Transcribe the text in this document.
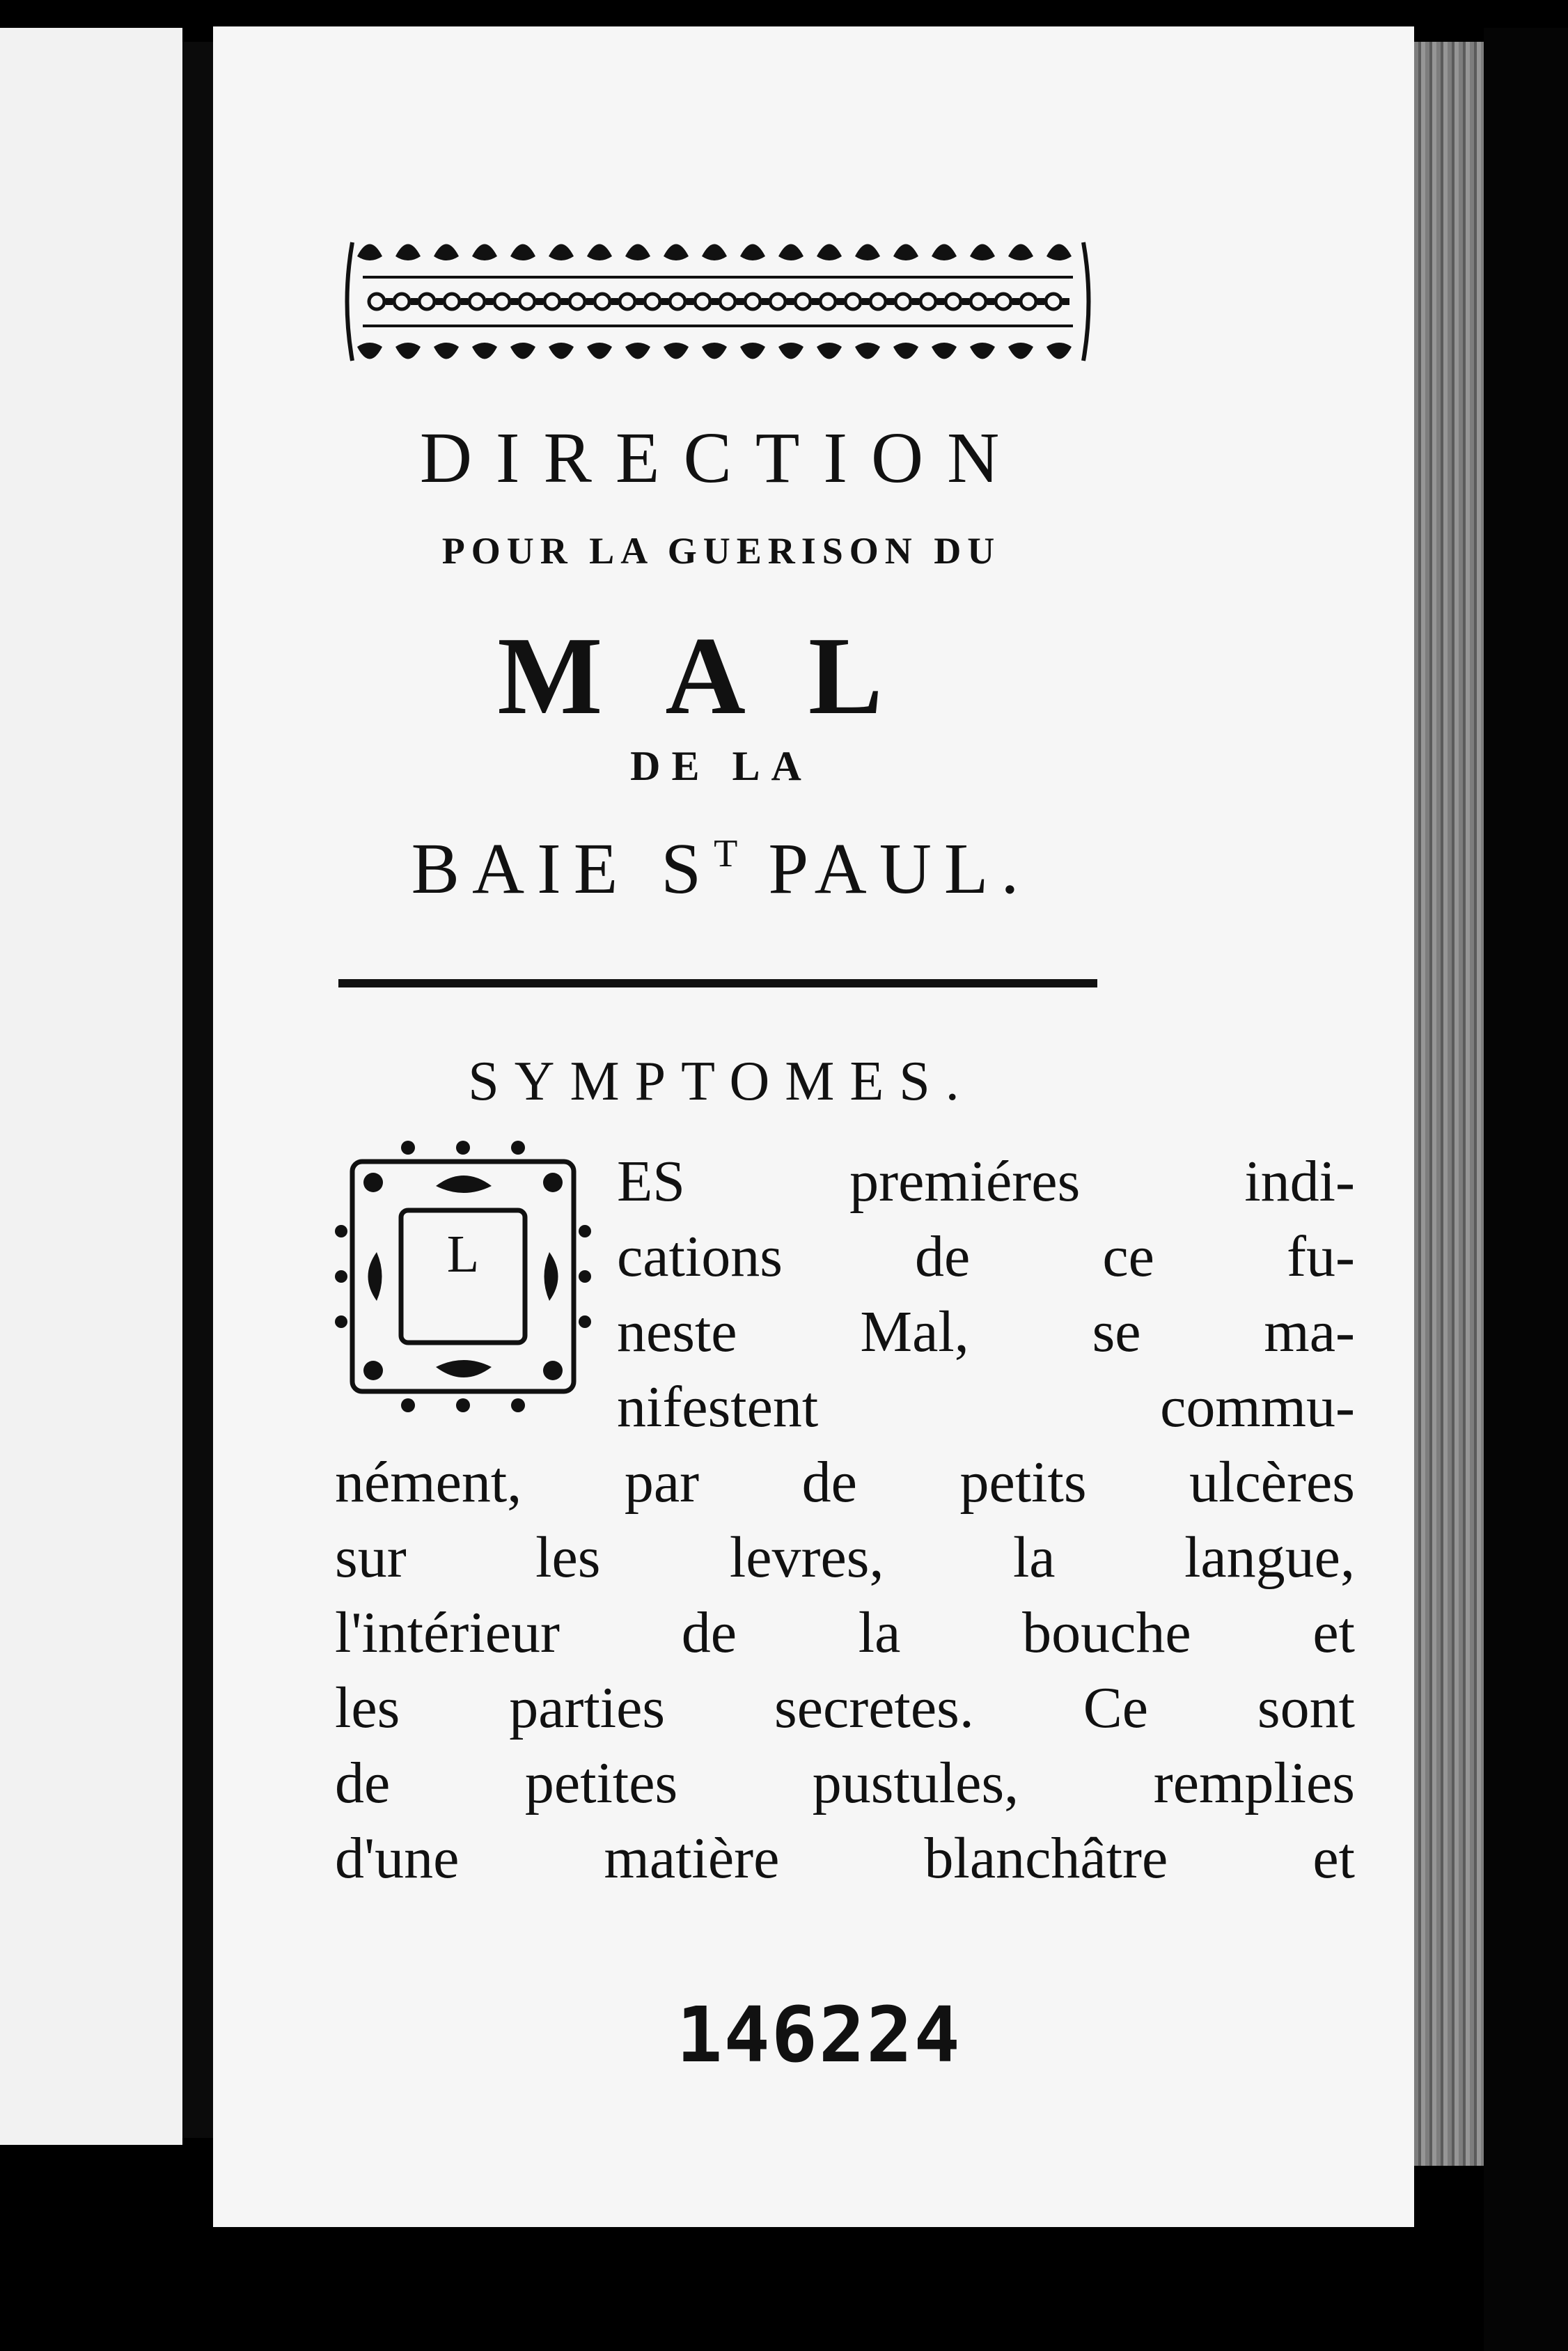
DIRECTION
POUR LA GUERISON DU
MAL
DE LA
BAIE $S^T$ PAUL.
SYMPTOMES.
L
ES	premiéres	indi-
cations de ce fu-
neste Mal, se ma-
nifestent	commu-
nément, par de petits ulcères
sur les levres, la langue,
l'intérieur de la bouche et
les parties secretes. Ce sont
de petites pustules, remplies
d'une matière blanchâtre et
146224
